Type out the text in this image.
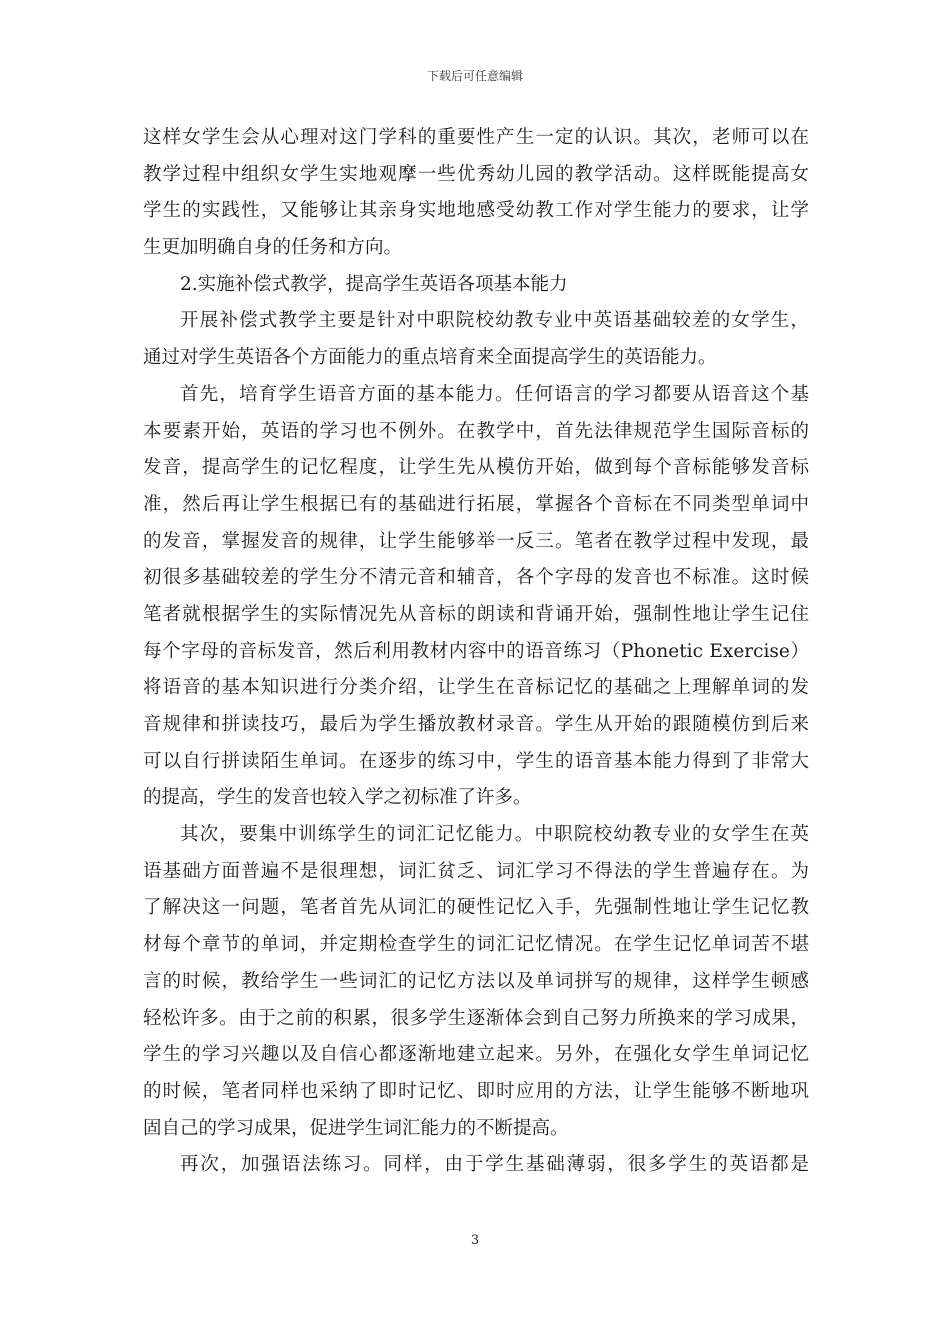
下载后可任意编辑
这样女学生会从心理对这门学科的重要性产生一定的认识。其次，老师可以在
教学过程中组织女学生实地观摩一些优秀幼儿园的教学活动。这样既能提高女
学生的实践性，又能够让其亲身实地地感受幼教工作对学生能力的要求，让学
生更加明确自身的任务和方向。
2.实施补偿式教学，提高学生英语各项基本能力
开展补偿式教学主要是针对中职院校幼教专业中英语基础较差的女学生，
通过对学生英语各个方面能力的重点培育来全面提高学生的英语能力。
首先，培育学生语音方面的基本能力。任何语言的学习都要从语音这个基
本要素开始，英语的学习也不例外。在教学中，首先法律规范学生国际音标的
发音，提高学生的记忆程度，让学生先从模仿开始，做到每个音标能够发音标
准，然后再让学生根据已有的基础进行拓展，掌握各个音标在不同类型单词中
的发音，掌握发音的规律，让学生能够举一反三。笔者在教学过程中发现，最
初很多基础较差的学生分不清元音和辅音，各个字母的发音也不标准。这时候
笔者就根据学生的实际情况先从音标的朗读和背诵开始，强制性地让学生记住
每个字母的音标发音，然后利用教材内容中的语音练习（Phonetic Exercise）
将语音的基本知识进行分类介绍，让学生在音标记忆的基础之上理解单词的发
音规律和拼读技巧，最后为学生播放教材录音。学生从开始的跟随模仿到后来
可以自行拼读陌生单词。在逐步的练习中，学生的语音基本能力得到了非常大
的提高，学生的发音也较入学之初标准了许多。
其次，要集中训练学生的词汇记忆能力。中职院校幼教专业的女学生在英
语基础方面普遍不是很理想，词汇贫乏、词汇学习不得法的学生普遍存在。为
了解决这一问题，笔者首先从词汇的硬性记忆入手，先强制性地让学生记忆教
材每个章节的单词，并定期检查学生的词汇记忆情况。在学生记忆单词苦不堪
言的时候，教给学生一些词汇的记忆方法以及单词拼写的规律，这样学生顿感
轻松许多。由于之前的积累，很多学生逐渐体会到自己努力所换来的学习成果，
学生的学习兴趣以及自信心都逐渐地建立起来。另外，在强化女学生单词记忆
的时候，笔者同样也采纳了即时记忆、即时应用的方法，让学生能够不断地巩
固自己的学习成果，促进学生词汇能力的不断提高。
再次，加强语法练习。同样，由于学生基础薄弱，很多学生的英语都是
3
